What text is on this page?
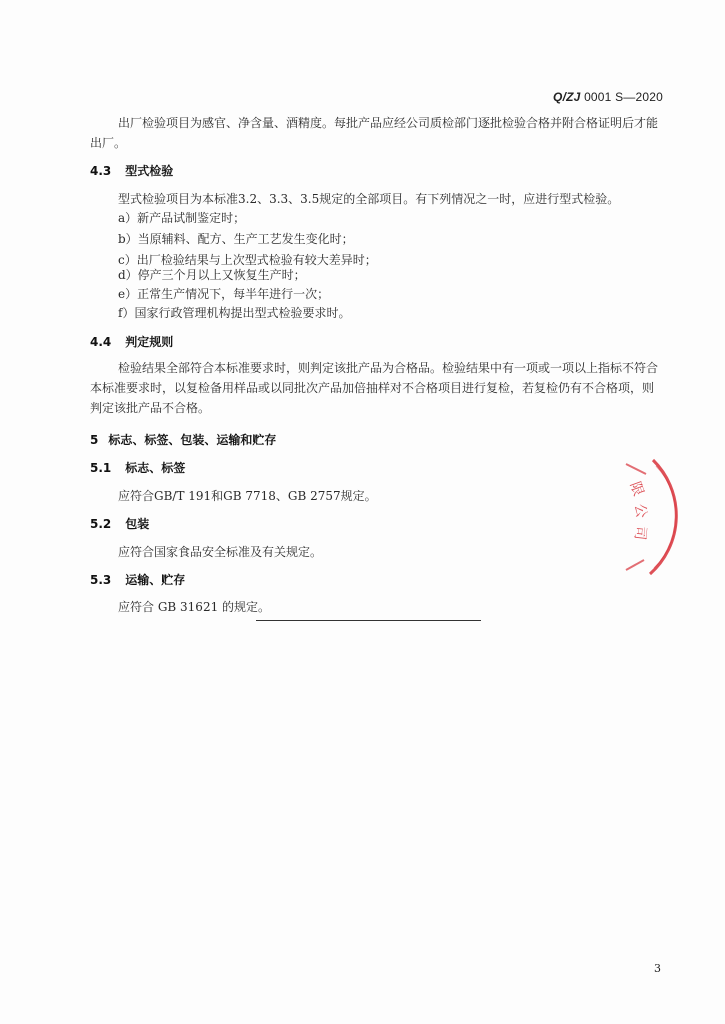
Q/ZJ 0001 S—2020
出厂检验项目为感官、净含量、酒精度。每批产品应经公司质检部门逐批检验合格并附合格证明后才能出厂。
4.3 型式检验
型式检验项目为本标准3.2、3.3、3.5规定的全部项目。有下列情况之一时，应进行型式检验。
a）新产品试制鉴定时；
b）当原辅料、配方、生产工艺发生变化时；
c）出厂检验结果与上次型式检验有较大差异时；
d）停产三个月以上又恢复生产时；
e）正常生产情况下，每半年进行一次；
f）国家行政管理机构提出型式检验要求时。
4.4 判定规则
检验结果全部符合本标准要求时，则判定该批产品为合格品。检验结果中有一项或一项以上指标不符合本标准要求时，以复检备用样品或以同批次产品加倍抽样对不合格项目进行复检，若复检仍有不合格项，则判定该批产品不合格。
5 标志、标签、包装、运输和贮存
5.1 标志、标签
应符合GB/T 191和GB 7718、GB 2757规定。
5.2 包装
应符合国家食品安全标准及有关规定。
5.3 运输、贮存
应符合 GB 31621 的规定。
限
公
司
3
